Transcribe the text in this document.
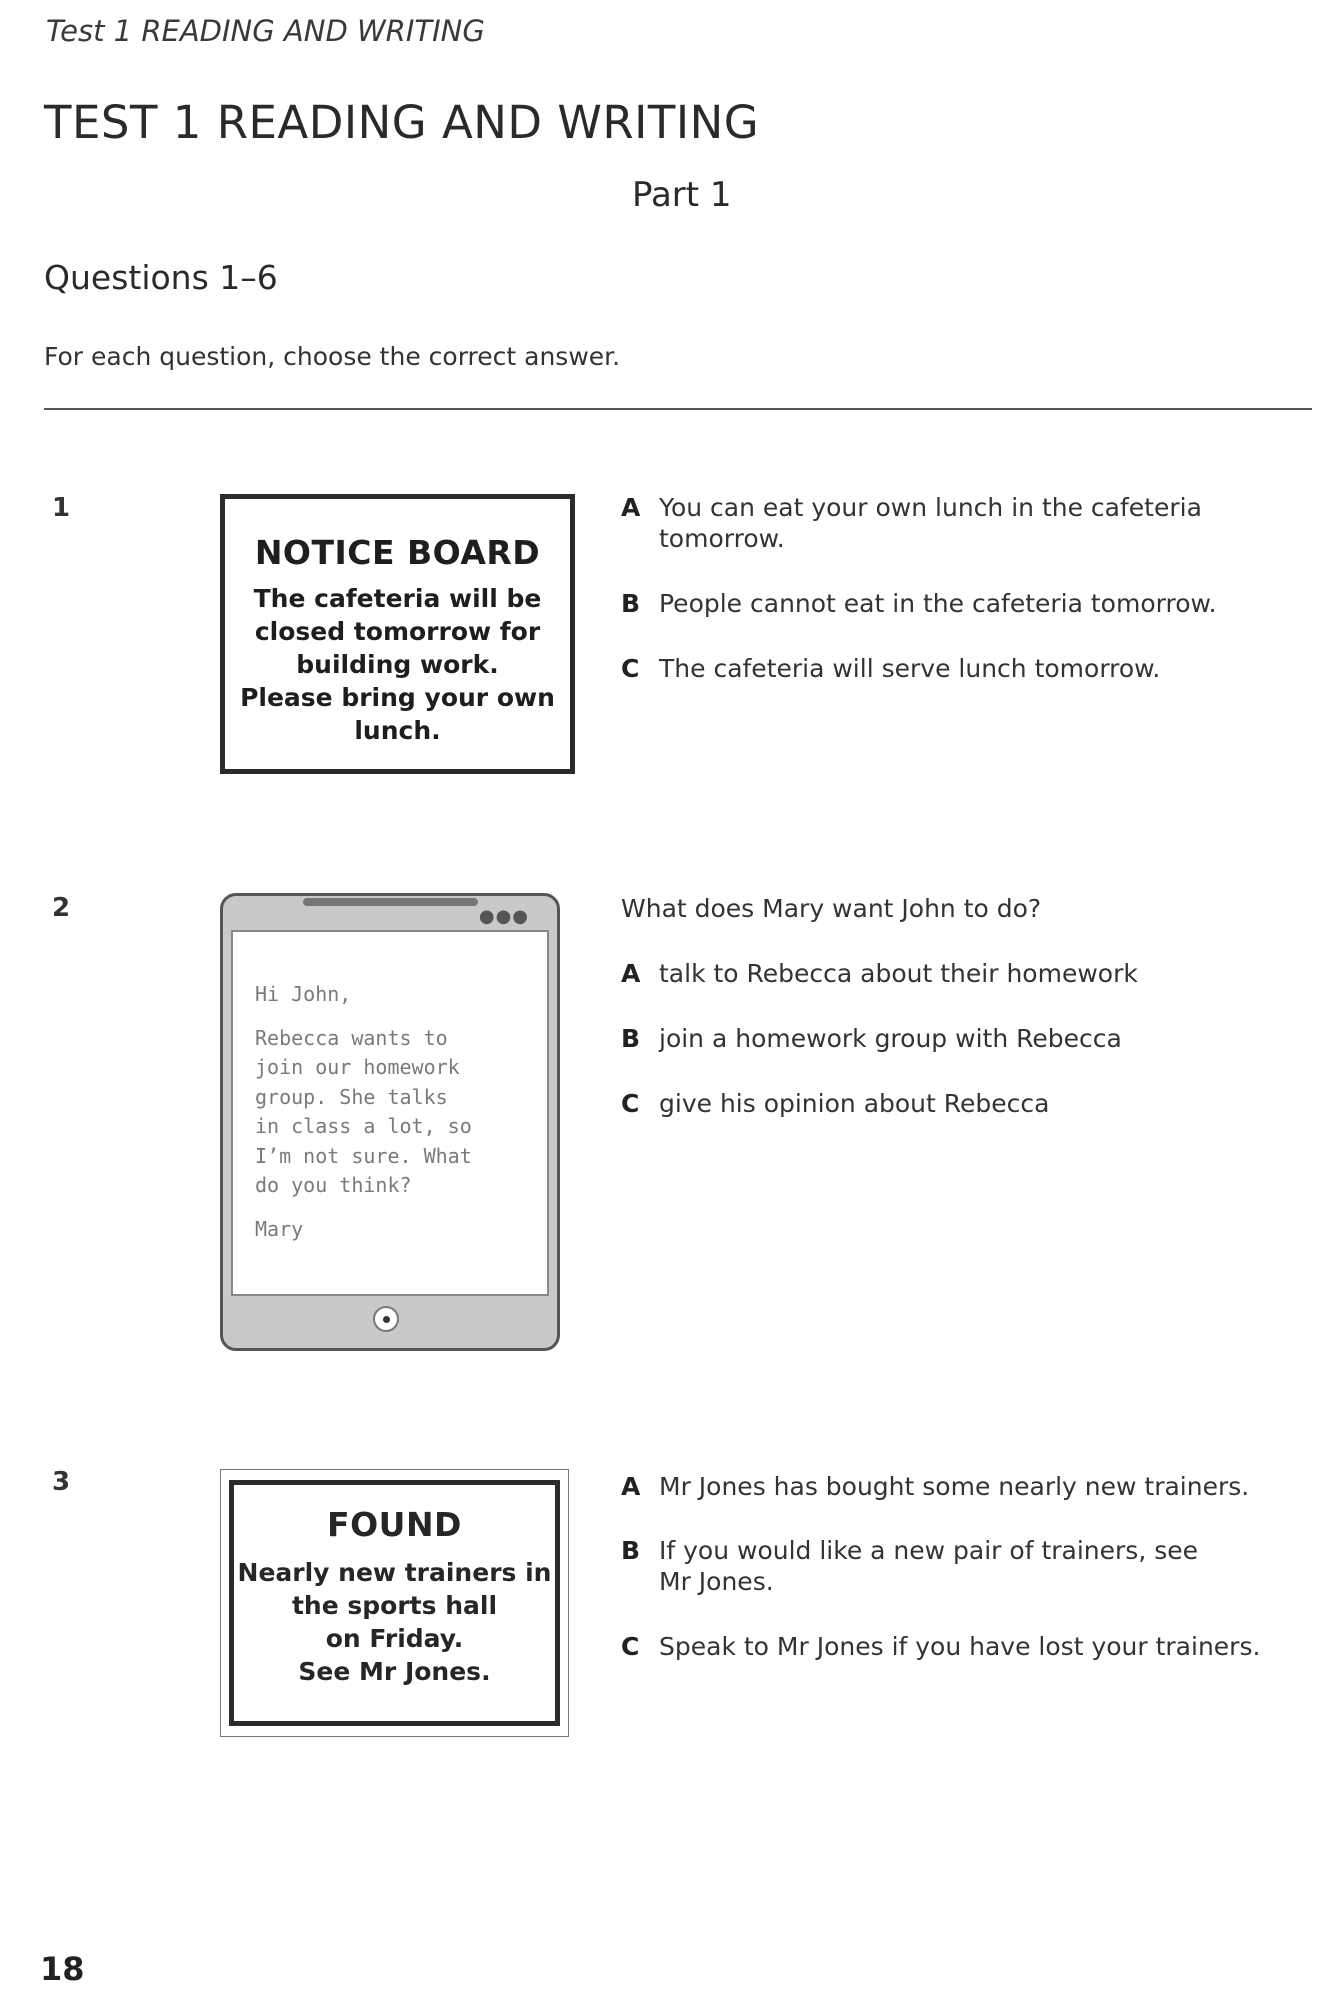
Test 1 READING AND WRITING
TEST 1 READING AND WRITING
Part 1
Questions 1–6
For each question, choose the correct answer.
1
NOTICE BOARD
The cafeteria will be
closed tomorrow for
building work.
Please bring your own
lunch.
A You can eat your own lunch in the cafeteria
tomorrow.
B People cannot eat in the cafeteria tomorrow.
C The cafeteria will serve lunch tomorrow.
2	●●●

Hi John,

Rebecca wants to
join our homework
group. She talks
in class a lot, so
I’m not sure. What
do you think?

Mary

What does Mary want John to do?
A talk to Rebecca about their homework
B join a homework group with Rebecca
C give his opinion about Rebecca
3
FOUND
Nearly new trainers in
the sports hall
on Friday.
See Mr Jones.
A Mr Jones has bought some nearly new trainers.
B If you would like a new pair of trainers, see
Mr Jones.
C Speak to Mr Jones if you have lost your trainers.
18
